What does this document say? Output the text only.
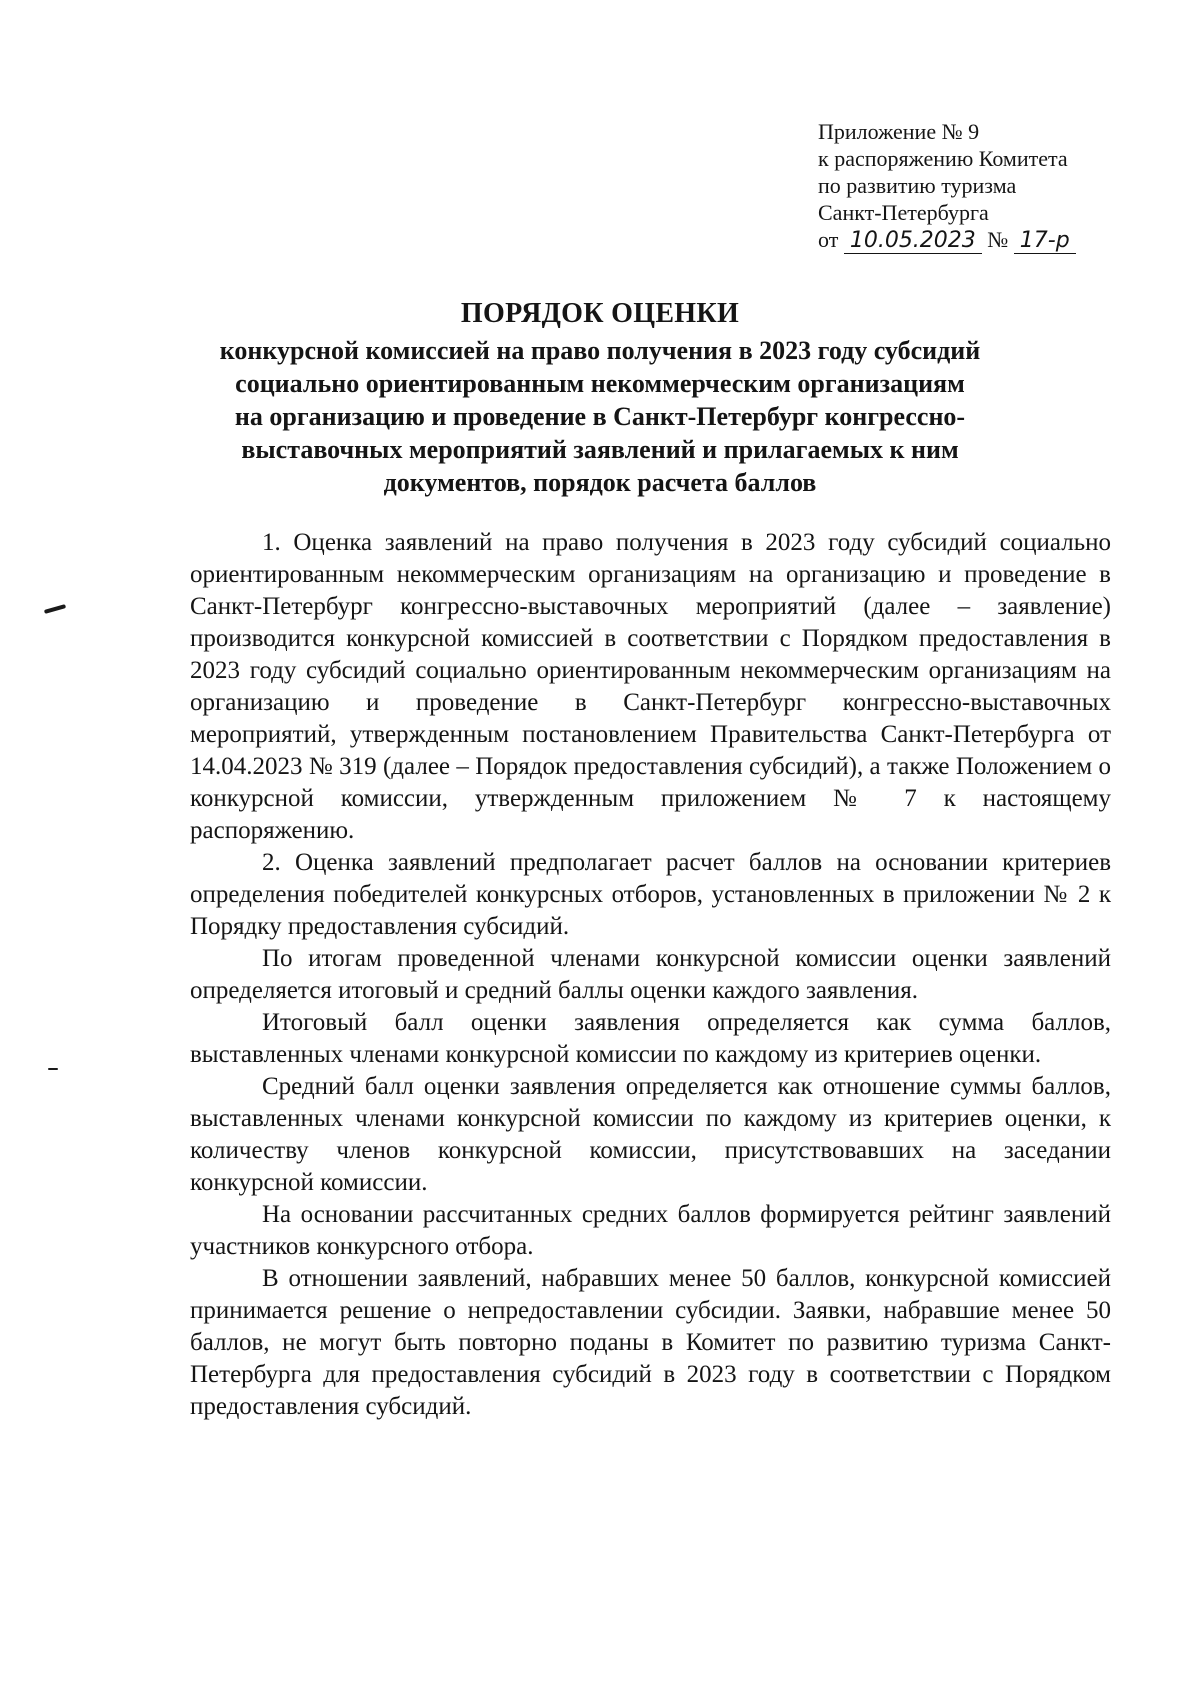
Приложение № 9
к распоряжению Комитета
по развитию туризма
Санкт-Петербурга
от 10.05.2023 № 17-р
ПОРЯДОК ОЦЕНКИ
конкурсной комиссией на право получения в 2023 году субсидий
социально ориентированным некоммерческим организациям
на организацию и проведение в Санкт-Петербург конгрессно-
выставочных мероприятий заявлений и прилагаемых к ним
документов, порядок расчета баллов

1. Оценка заявлений на право получения в 2023 году субсидий социально ориентированным некоммерческим организациям на организацию и проведение в Санкт-Петербург конгрессно-выставочных мероприятий (далее – заявление) производится конкурсной комиссией в соответствии с Порядком предоставления в 2023 году субсидий социально ориентированным некоммерческим организациям на организацию и проведение в Санкт-Петербург конгрессно-выставочных мероприятий, утвержденным постановлением Правительства Санкт-Петербурга от 14.04.2023 № 319 (далее – Порядок предоставления субсидий), а также Положением о конкурсной комиссии, утвержденным приложением № 7 к настоящему распоряжению.

2. Оценка заявлений предполагает расчет баллов на основании критериев определения победителей конкурсных отборов, установленных в приложении № 2 к Порядку предоставления субсидий.

По итогам проведенной членами конкурсной комиссии оценки заявлений определяется итоговый и средний баллы оценки каждого заявления.

Итоговый балл оценки заявления определяется как сумма баллов, выставленных членами конкурсной комиссии по каждому из критериев оценки.

Средний балл оценки заявления определяется как отношение суммы баллов, выставленных членами конкурсной комиссии по каждому из критериев оценки, к количеству членов конкурсной комиссии, присутствовавших на заседании конкурсной комиссии.

На основании рассчитанных средних баллов формируется рейтинг заявлений участников конкурсного отбора.

В отношении заявлений, набравших менее 50 баллов, конкурсной комиссией принимается решение о непредоставлении субсидии. Заявки, набравшие менее 50 баллов, не могут быть повторно поданы в Комитет по развитию туризма Санкт-Петербурга для предоставления субсидий в 2023 году в соответствии с Порядком предоставления субсидий.
